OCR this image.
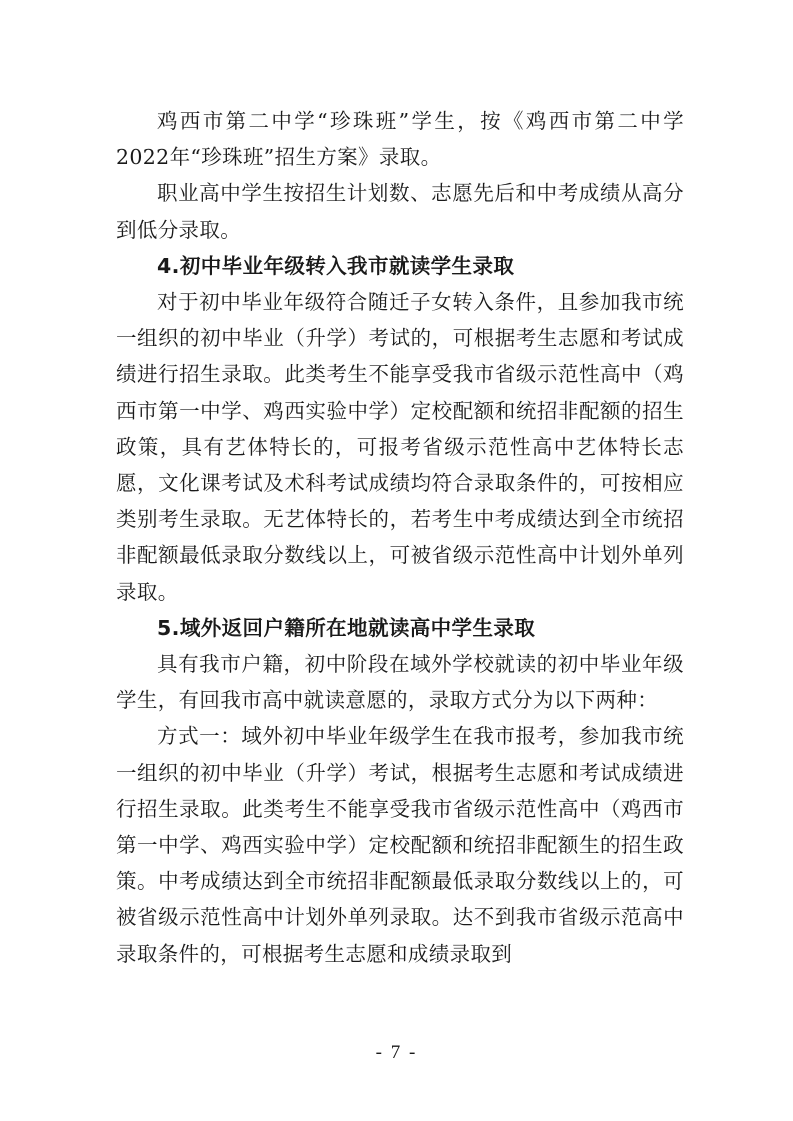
鸡西市第二中学“珍珠班”学生，按《鸡西市第二中学2022年“珍珠班”招生方案》录取。

职业高中学生按招生计划数、志愿先后和中考成绩从高分到低分录取。

4.初中毕业年级转入我市就读学生录取

对于初中毕业年级符合随迁子女转入条件，且参加我市统一组织的初中毕业（升学）考试的，可根据考生志愿和考试成绩进行招生录取。此类考生不能享受我市省级示范性高中（鸡西市第一中学、鸡西实验中学）定校配额和统招非配额的招生政策，具有艺体特长的，可报考省级示范性高中艺体特长志愿，文化课考试及术科考试成绩均符合录取条件的，可按相应类别考生录取。无艺体特长的，若考生中考成绩达到全市统招非配额最低录取分数线以上，可被省级示范性高中计划外单列录取。

5.域外返回户籍所在地就读高中学生录取

具有我市户籍，初中阶段在域外学校就读的初中毕业年级学生，有回我市高中就读意愿的，录取方式分为以下两种：

方式一：域外初中毕业年级学生在我市报考，参加我市统一组织的初中毕业（升学）考试，根据考生志愿和考试成绩进行招生录取。此类考生不能享受我市省级示范性高中（鸡西市第一中学、鸡西实验中学）定校配额和统招非配额生的招生政策。中考成绩达到全市统招非配额最低录取分数线以上的，可被省级示范性高中计划外单列录取。达不到我市省级示范高中录取条件的，可根据考生志愿和成绩录取到

- 7 -
